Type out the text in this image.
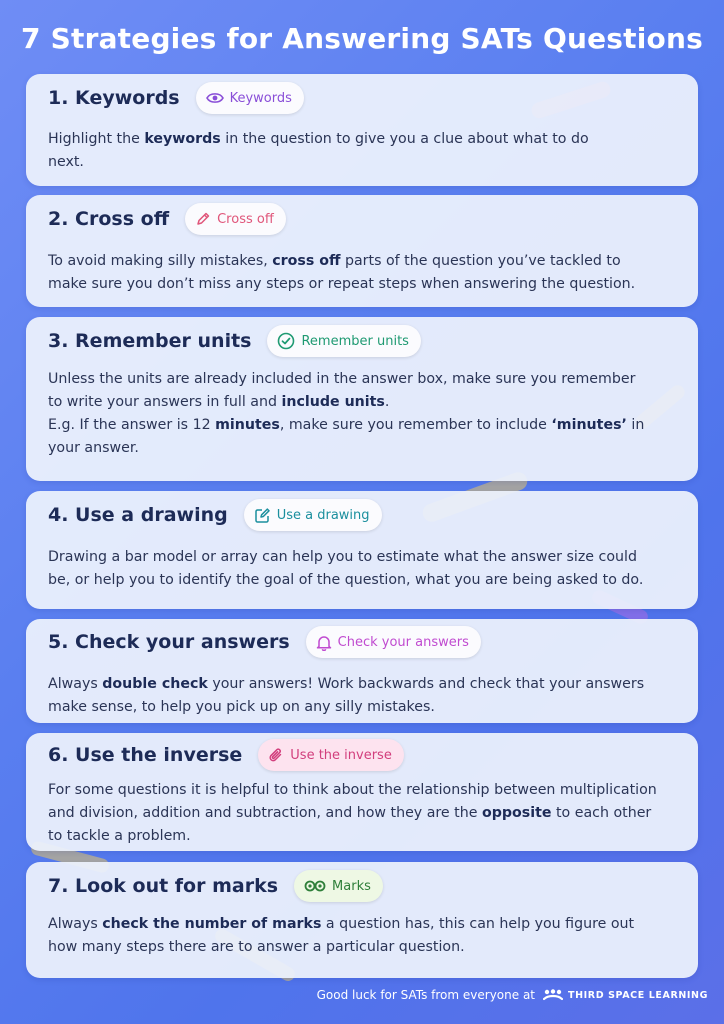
7 Strategies for Answering SATs Questions
1. Keywords	Keywords
Highlight the keywords in the question to give you a clue about what to do
next.
2. Cross off	Cross off
To avoid making silly mistakes, cross off parts of the question you’ve tackled to
make sure you don’t miss any steps or repeat steps when answering the question.
3. Remember units	Remember units
Unless the units are already included in the answer box, make sure you remember
to write your answers in full and include units.
E.g. If the answer is 12 minutes, make sure you remember to include ‘minutes’ in
your answer.
4. Use a drawing	Use a drawing
Drawing a bar model or array can help you to estimate what the answer size could
be, or help you to identify the goal of the question, what you are being asked to do.
5. Check your answers	Check your answers
Always double check your answers! Work backwards and check that your answers
make sense, to help you pick up on any silly mistakes.
6. Use the inverse	Use the inverse
For some questions it is helpful to think about the relationship between multiplication
and division, addition and subtraction, and how they are the opposite to each other
to tackle a problem.
7. Look out for marks	Marks
Always check the number of marks a question has, this can help you figure out
how many steps there are to answer a particular question.
Good luck for SATs from everyone at	THIRD SPACE LEARNING
